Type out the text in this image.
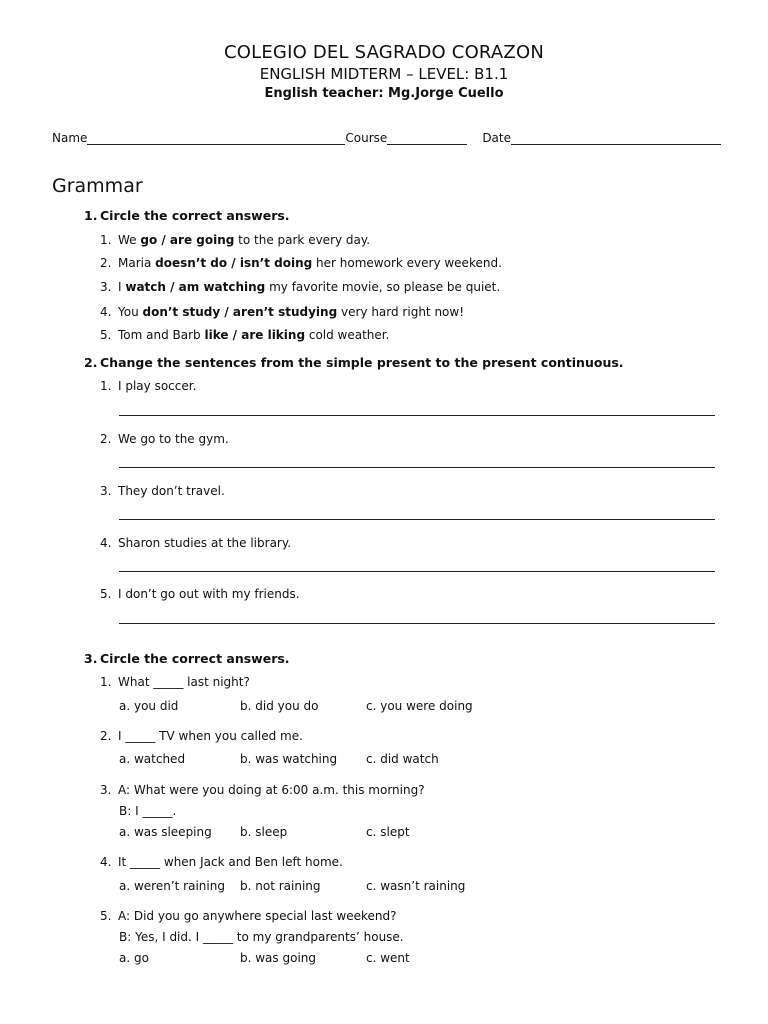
COLEGIO DEL SAGRADO CORAZON
ENGLISH MIDTERM – LEVEL: B1.1
English teacher: Mg.Jorge Cuello
Name	Course	Date
Grammar
1. Circle the correct answers.
1. We go / are going to the park every day.
2. Maria doesn’t do / isn’t doing her homework every weekend.
3. I watch / am watching my favorite movie, so please be quiet.
4. You don’t study / aren’t studying very hard right now!
5. Tom and Barb like / are liking cold weather.
2. Change the sentences from the simple present to the present continuous.
1. I play soccer.
2. We go to the gym.
3. They don’t travel.
4. Sharon studies at the library.
5. I don’t go out with my friends.
3. Circle the correct answers.
1. What _____ last night?
a. you did	b. did you do	c. you were doing
2. I _____ TV when you called me.
a. watched	b. was watching c. did watch
3. A: What were you doing at 6:00 a.m. this morning?
B: I _____.
a. was sleeping b. sleep	c. slept
4. It _____ when Jack and Ben left home.
a. weren’t raining b. not raining	c. wasn’t raining
5. A: Did you go anywhere special last weekend?
B: Yes, I did. I _____ to my grandparents’ house.
a. go	b. was going	c. went
